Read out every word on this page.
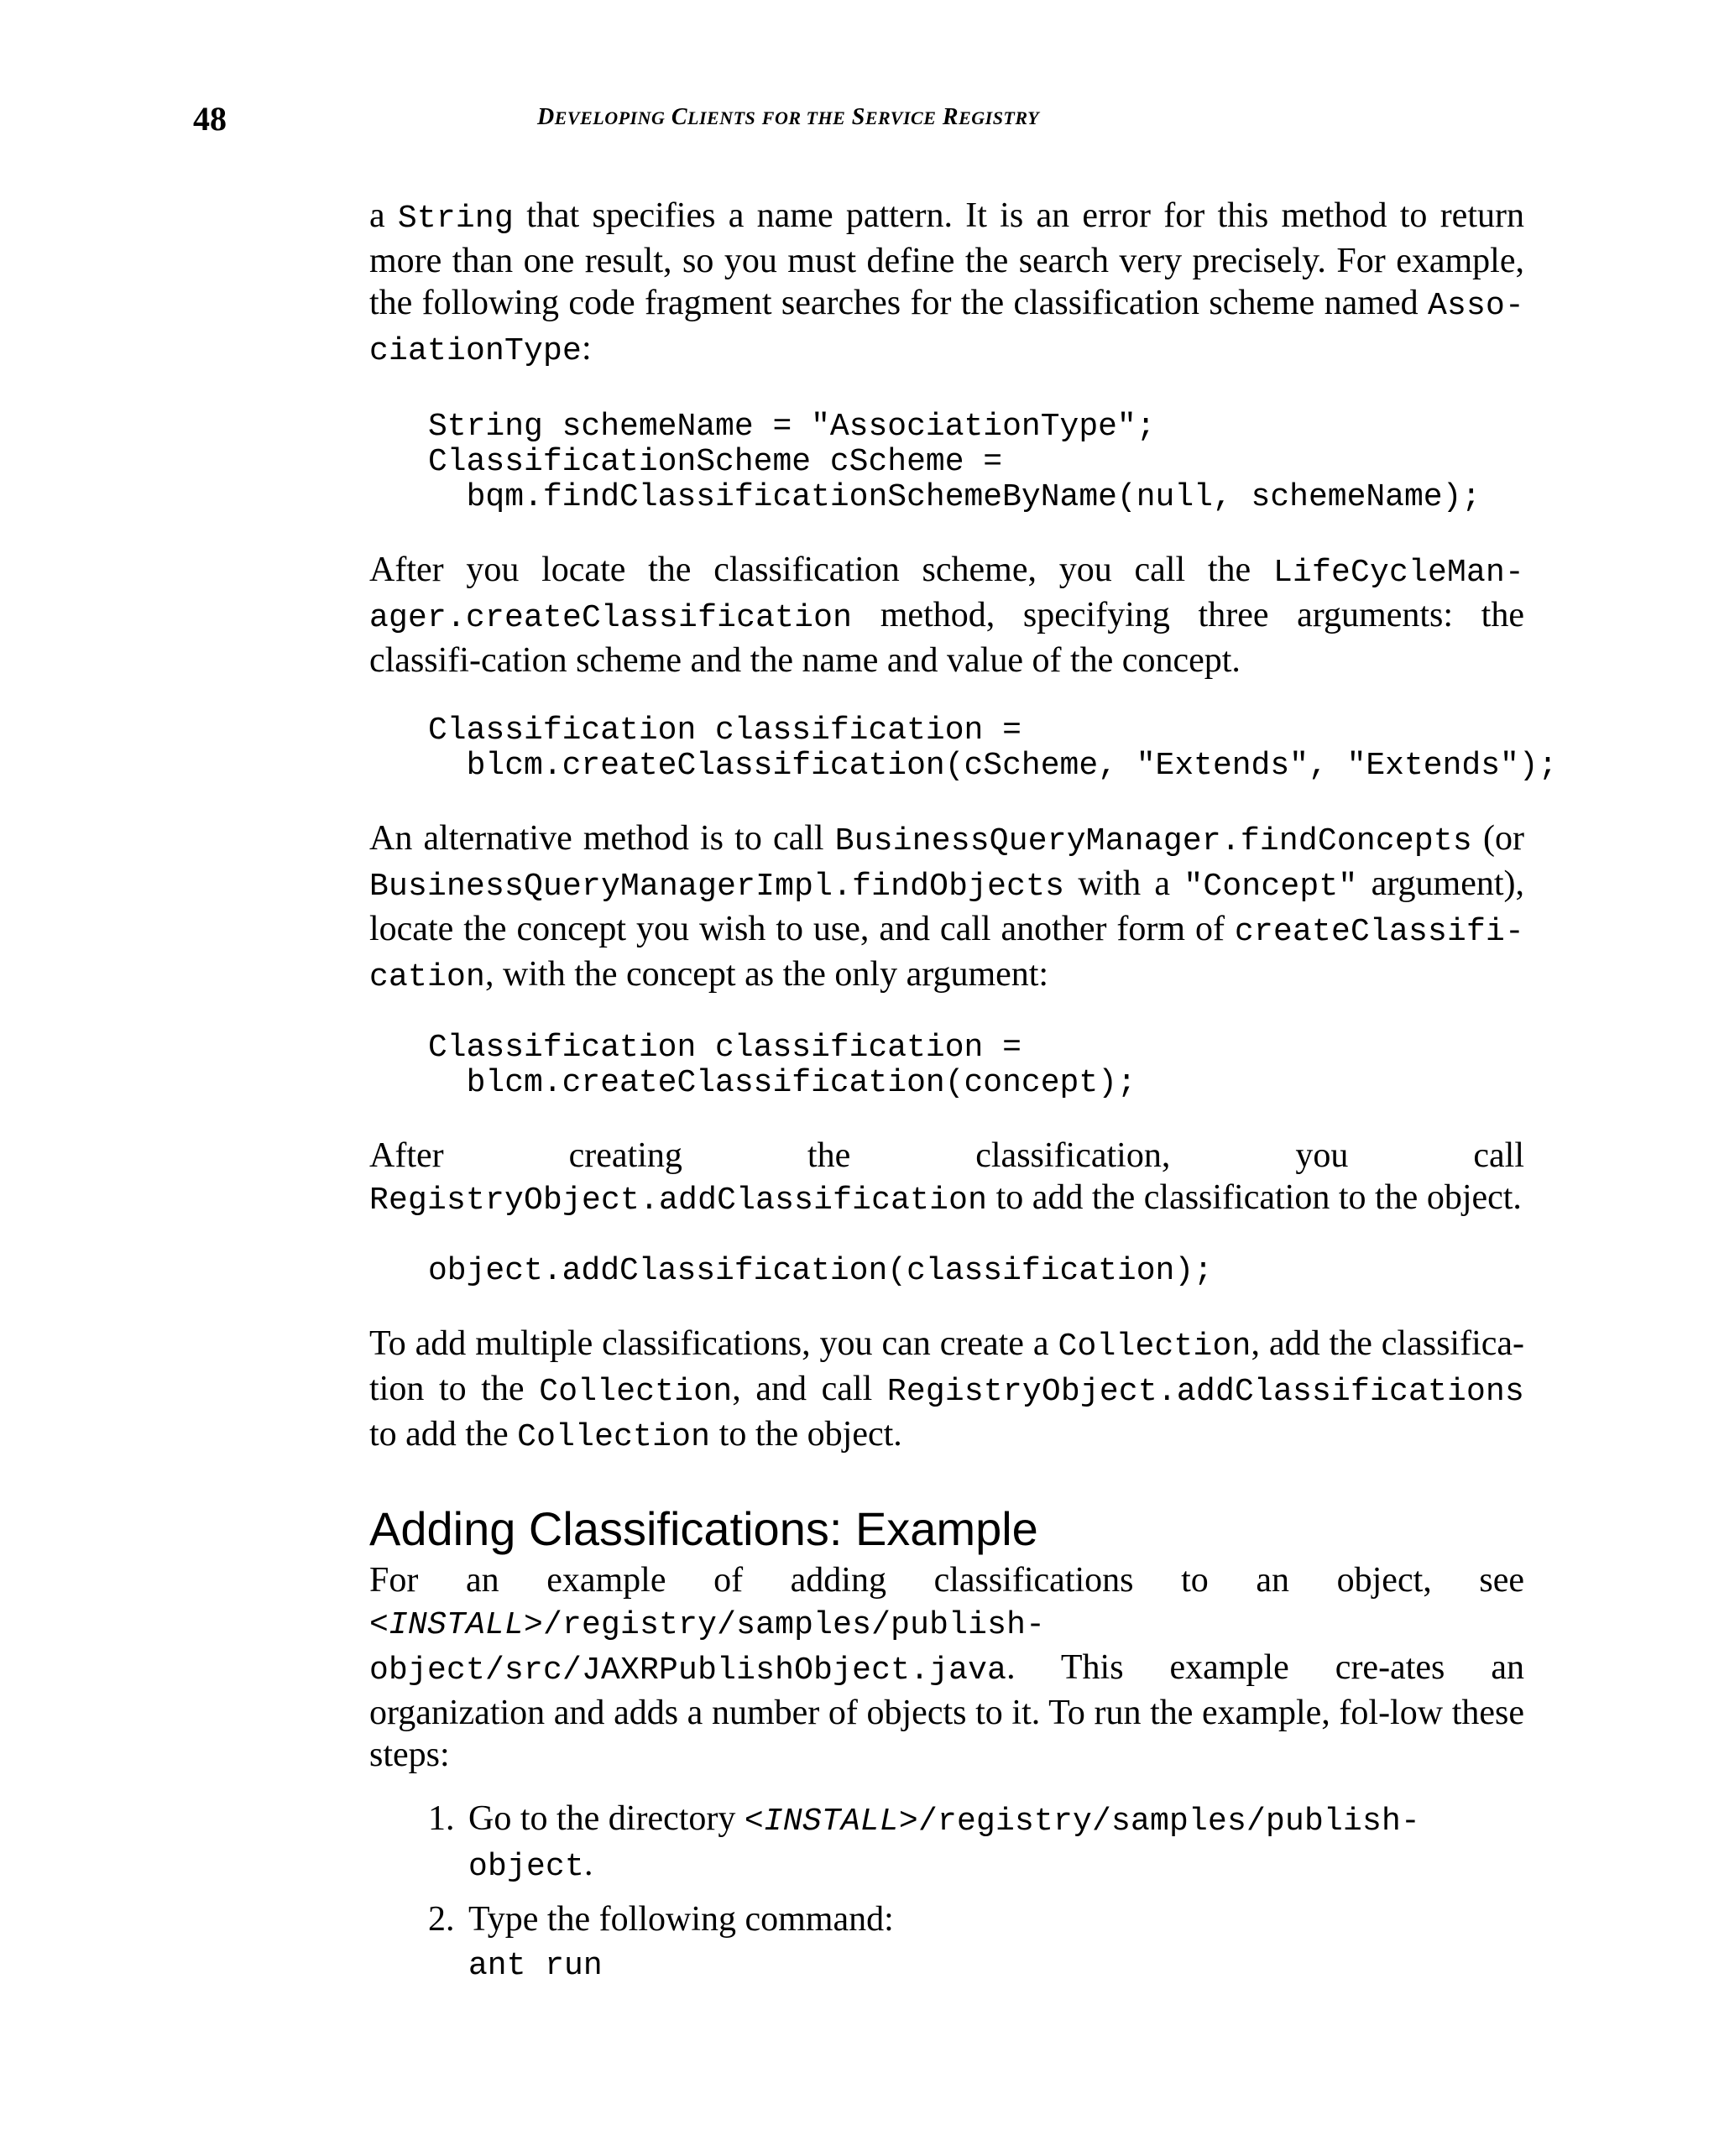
48	DEVELOPING CLIENTS FOR THE SERVICE REGISTRY

a String that specifies a name pattern. It is an error for this method to return more than one result, so you must define the search very precisely. For example, the following code fragment searches for the classification scheme named Asso-ciationType:

String schemeName = "AssociationType";
ClassificationScheme cScheme =
bqm.findClassificationSchemeByName(null, schemeName);

After you locate the classification scheme, you call the LifeCycleMan-ager.createClassification method, specifying three arguments: the classifi-cation scheme and the name and value of the concept.

Classification classification =
blcm.createClassification(cScheme, "Extends", "Extends");

An alternative method is to call BusinessQueryManager.findConcepts (or BusinessQueryManagerImpl.findObjects with a "Concept" argument), locate the concept you wish to use, and call another form of createClassifi-cation, with the concept as the only argument:

Classification classification =
blcm.createClassification(concept);

After creating the classification, you call RegistryObject.addClassification to add the classification to the object.

object.addClassification(classification);

To add multiple classifications, you can create a Collection, add the classifica-tion to the Collection, and call RegistryObject.addClassifications to add the Collection to the object.

Adding Classifications: Example

For an example of adding classifications to an object, see <INSTALL>/registry/samples/publish-object/src/JAXRPublishObject.java. This example cre-ates an organization and adds a number of objects to it. To run the example, fol-low these steps:

1. Go to the directory <INSTALL>/registry/samples/publish-object.
2. Type the following command:
ant run
